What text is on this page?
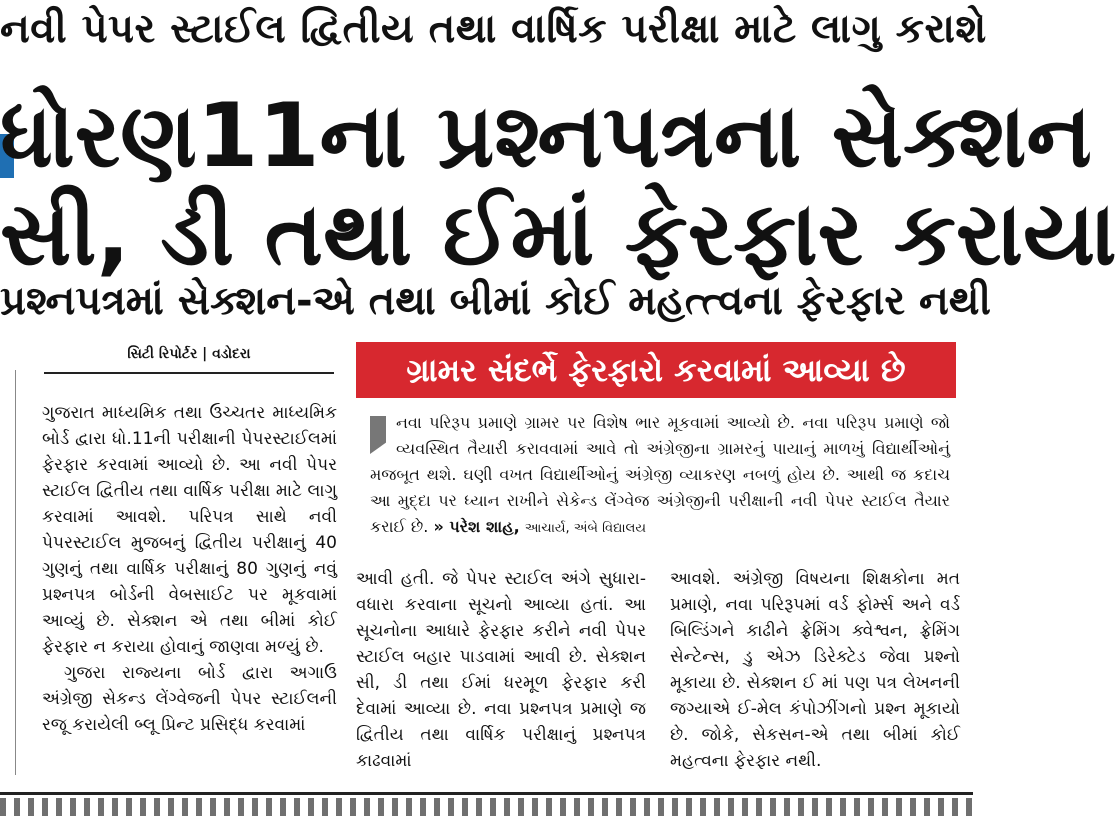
નવી પેપર સ્ટાઈલ દ્વિતીય તથા વાર્ષિક પરીક્ષા માટે લાગુ કરાશે
ધોરણ11ના પ્રશ્નપત્રના સેક્શન
સી, ડી તથા ઈમાં ફેરફાર કરાયા
પ્રશ્નપત્રમાં સેક્શન-એ તથા બીમાં કોઈ મહત્ત્વના ફેરફાર નથી
સિટી રિપોર્ટર | વડોદરા

ગુજરાત માધ્યમિક તથા ઉચ્ચતર માધ્યમિક બોર્ડ દ્વારા ધો.11ની પરીક્ષાની પેપરસ્ટાઈલમાં ફેરફાર કરવામાં આવ્યો છે. આ નવી પેપર સ્ટાઈલ દ્વિતીય તથા વાર્ષિક પરીક્ષા માટે લાગુ કરવામાં આવશે. પરિપત્ર સાથે નવી પેપરસ્ટાઈલ મુજબનું દ્વિતીય પરીક્ષાનું 40 ગુણનું તથા વાર્ષિક પરીક્ષાનું 80 ગુણનું નવું પ્રશ્નપત્ર બોર્ડની વેબસાઈટ પર મૂકવામાં આવ્યું છે. સેક્શન એ તથા બીમાં કોઈ ફેરફાર ન કરાયા હોવાનું જાણવા મળ્યું છે.

ગુજરા રાજ્યના બોર્ડ દ્વારા અગાઉ અંગ્રેજી સેકન્ડ લેંગ્વેજની પેપર સ્ટાઈલની રજૂ કરાયેલી બ્લૂ પ્રિન્ટ પ્રસિદ્ધ કરવામાં

ગ્રામર સંદર્ભે ફેરફારો કરવામાં આવ્યા છે
નવા પરિરૂપ પ્રમાણે ગ્રામર પર વિશેષ ભાર મૂકવામાં આવ્યો છે. નવા પરિરૂપ પ્રમાણે જો વ્યવસ્થિત તૈયારી કરાવવામાં આવે તો અંગ્રેજીના ગ્રામરનું પાયાનું માળખું વિદ્યાર્થીઓનું મજબૂત થશે. ઘણી વખત વિદ્યાર્થીઓનું અંગ્રેજી વ્યાકરણ નબળું હોય છે. આથી જ કદાચ આ મુદ્દા પર ધ્યાન રાખીને સેકેન્ડ લેંગ્વેજ અંગ્રેજીની પરીક્ષાની નવી પેપર સ્ટાઈલ તૈયાર કરાઈ છે. » પરેશ શાહ, આચાર્ય, અંબે વિદ્યાલય

આવી હતી. જે પેપર સ્ટાઈલ અંગે સુધારા-વધારા કરવાના સૂચનો આવ્યા હતાં. આ સૂચનોના આધારે ફેરફાર કરીને નવી પેપર સ્ટાઈલ બહાર પાડવામાં આવી છે. સેક્શન સી, ડી તથા ઈમાં ધરમૂળ ફેરફાર કરી દેવામાં આવ્યા છે. નવા પ્રશ્નપત્ર પ્રમાણે જ દ્વિતીય તથા વાર્ષિક પરીક્ષાનું પ્રશ્નપત્ર કાઢવામાં

આવશે. અંગ્રેજી વિષયના શિક્ષકોના મત પ્રમાણે, નવા પરિરૂપમાં વર્ડ ફોર્મ્સ અને વર્ડ બિલ્ડિંગને કાઢીને ફ્રેમિંગ ક્વેશ્વન, ફ્રેમિંગ સેન્ટેન્સ, ડુ એઝ ડિરેક્ટેડ જેવા પ્રશ્નો મૂકાયા છે. સેક્શન ઈ માં પણ પત્ર લેખનની જગ્યાએ ઈ-મેલ કંપોઝીંગનો પ્રશ્ન મૂકાયો છે. જોકે, સેકસન-એ તથા બીમાં કોઈ મહત્વના ફેરફાર નથી.
